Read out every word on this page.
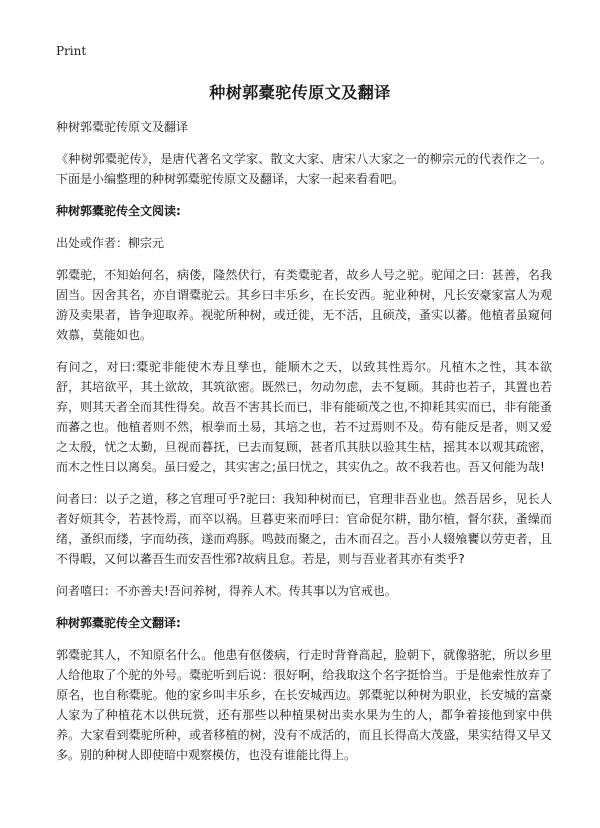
Print
种树郭橐驼传原文及翻译

种树郭橐驼传原文及翻译

《种树郭橐驼传》，是唐代著名文学家、散文大家、唐宋八大家之一的柳宗元的代表作之一。下面是小编整理的种树郭橐驼传原文及翻译，大家一起来看看吧。

种树郭橐驼传全文阅读:

出处或作者：柳宗元

郭橐驼，不知始何名，病偻，隆然伏行，有类橐驼者，故乡人号之驼。驼闻之曰：甚善，名我固当。因舍其名，亦自谓橐驼云。其乡曰丰乐乡，在长安西。驼业种树，凡长安豪家富人为观游及卖果者，皆争迎取养。视驼所种树，或迁徙，无不活，且硕茂，蚤实以蕃。他植者虽窥伺效慕，莫能如也。

有问之，对曰:橐驼非能使木寿且孳也，能顺木之天，以致其性焉尔。凡植木之性，其本欲舒，其培欲平，其土欲故，其筑欲密。既然已，勿动勿虑，去不复顾。其莳也若子，其置也若弃，则其天者全而其性得矣。故吾不害其长而已，非有能硕茂之也,不抑耗其实而已，非有能蚤而蕃之也。他植者则不然，根拳而土易，其培之也，若不过焉则不及。苟有能反是者，则又爱之太殷，忧之太勤，旦视而暮抚，已去而复顾，甚者爪其肤以验其生枯，摇其本以观其疏密，而木之性日以离矣。虽曰爱之，其实害之;虽曰忧之，其实仇之。故不我若也。吾又何能为哉!

问者曰：以子之道，移之官理可乎?驼曰：我知种树而已，官理非吾业也。然吾居乡，见长人者好烦其令，若甚怜焉，而卒以祸。旦暮吏来而呼曰：官命促尔耕，勖尔植，督尔获，蚤缲而绪，蚤织而缕，字而幼孩，遂而鸡豚。鸣鼓而聚之，击木而召之。吾小人辍飧饔以劳吏者，且不得暇，又何以蕃吾生而安吾性邪?故病且怠。若是，则与吾业者其亦有类乎?

问者嘻曰：不亦善夫!吾问养树，得养人术。传其事以为官戒也。

种树郭橐驼传全文翻译:

郭橐驼其人，不知原名什么。他患有伛偻病，行走时背脊高起，脸朝下，就像骆驼，所以乡里人给他取了个驼的外号。橐驼听到后说：很好啊，给我取这个名字挺恰当。于是他索性放弃了原名，也自称橐驼。他的家乡叫丰乐乡，在长安城西边。郭橐驼以种树为职业，长安城的富豪人家为了种植花木以供玩赏，还有那些以种植果树出卖水果为生的人，都争着接他到家中供养。大家看到橐驼所种，或者移植的树，没有不成活的，而且长得高大茂盛，果实结得又早又多。别的种树人即使暗中观察模仿，也没有谁能比得上。
